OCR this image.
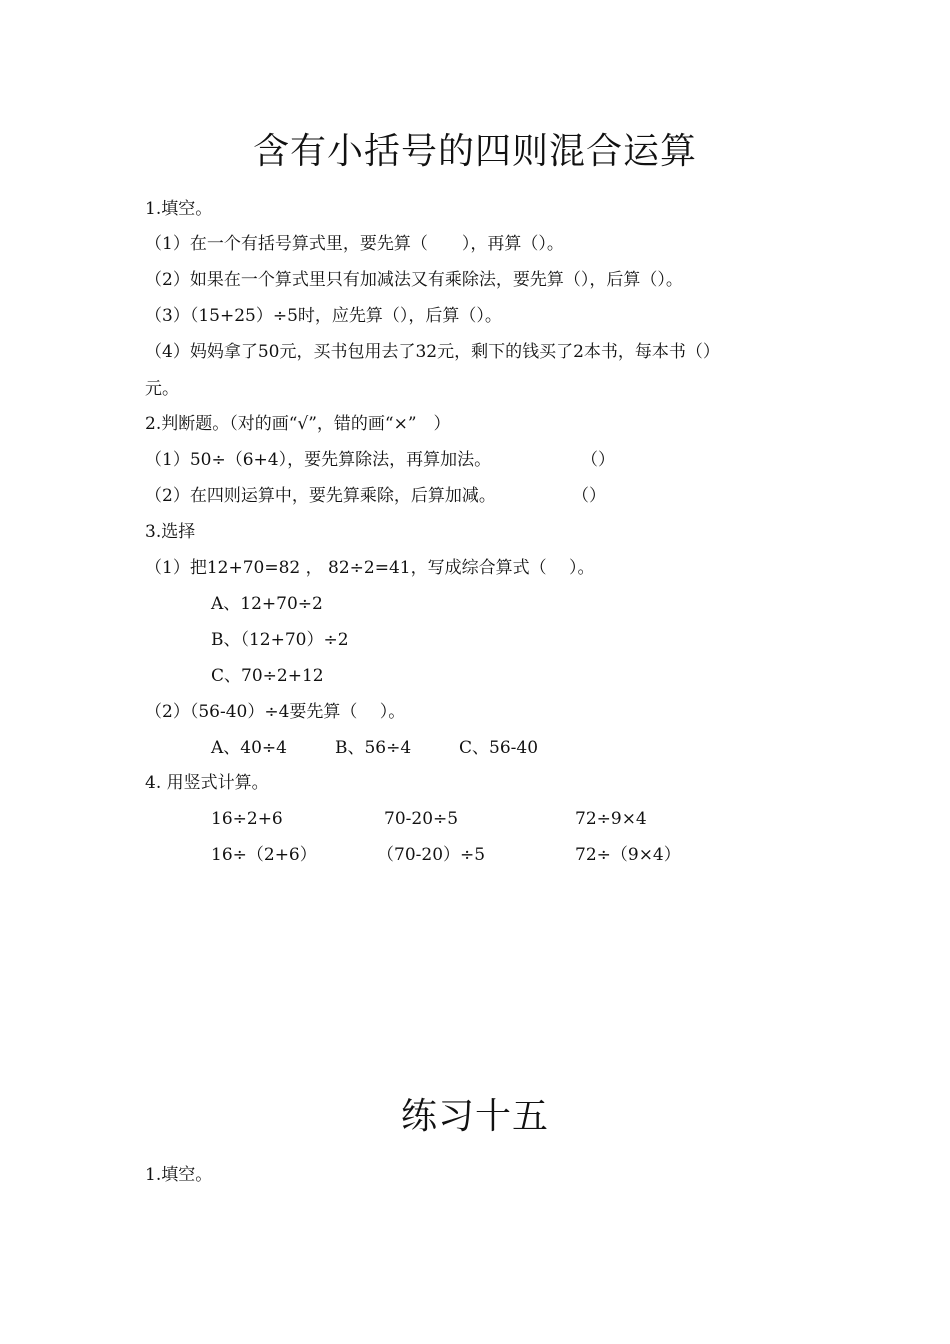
含有小括号的四则混合运算
1.填空。
（1）在一个有括号算式里，要先算（　　），再算（）。
（2）如果在一个算式里只有加减法又有乘除法，要先算（），后算（）。
（3）（15+25）÷5时，应先算（），后算（）。
（4）妈妈拿了50元，买书包用去了32元，剩下的钱买了2本书，每本书（）
元。
2.判断题。（对的画“√”，错的画“×”　）
（1）50÷（6+4），要先算除法，再算加法。	（）
（2）在四则运算中，要先算乘除，后算加减。	（）
3.选择
（1）把12+70=82 ， 82÷2=41，写成综合算式（　 ）。
A、12+70÷2
B、（12+70）÷2
C、70÷2+12
（2）（56-40）÷4要先算（　 ）。
A、40÷4	B、56÷4	C、56-40
4. 用竖式计算。
16÷2+6	70-20÷5	72÷9×4
16÷（2+6）	（70-20）÷5	72÷（9×4）
练习十五
1.填空。
